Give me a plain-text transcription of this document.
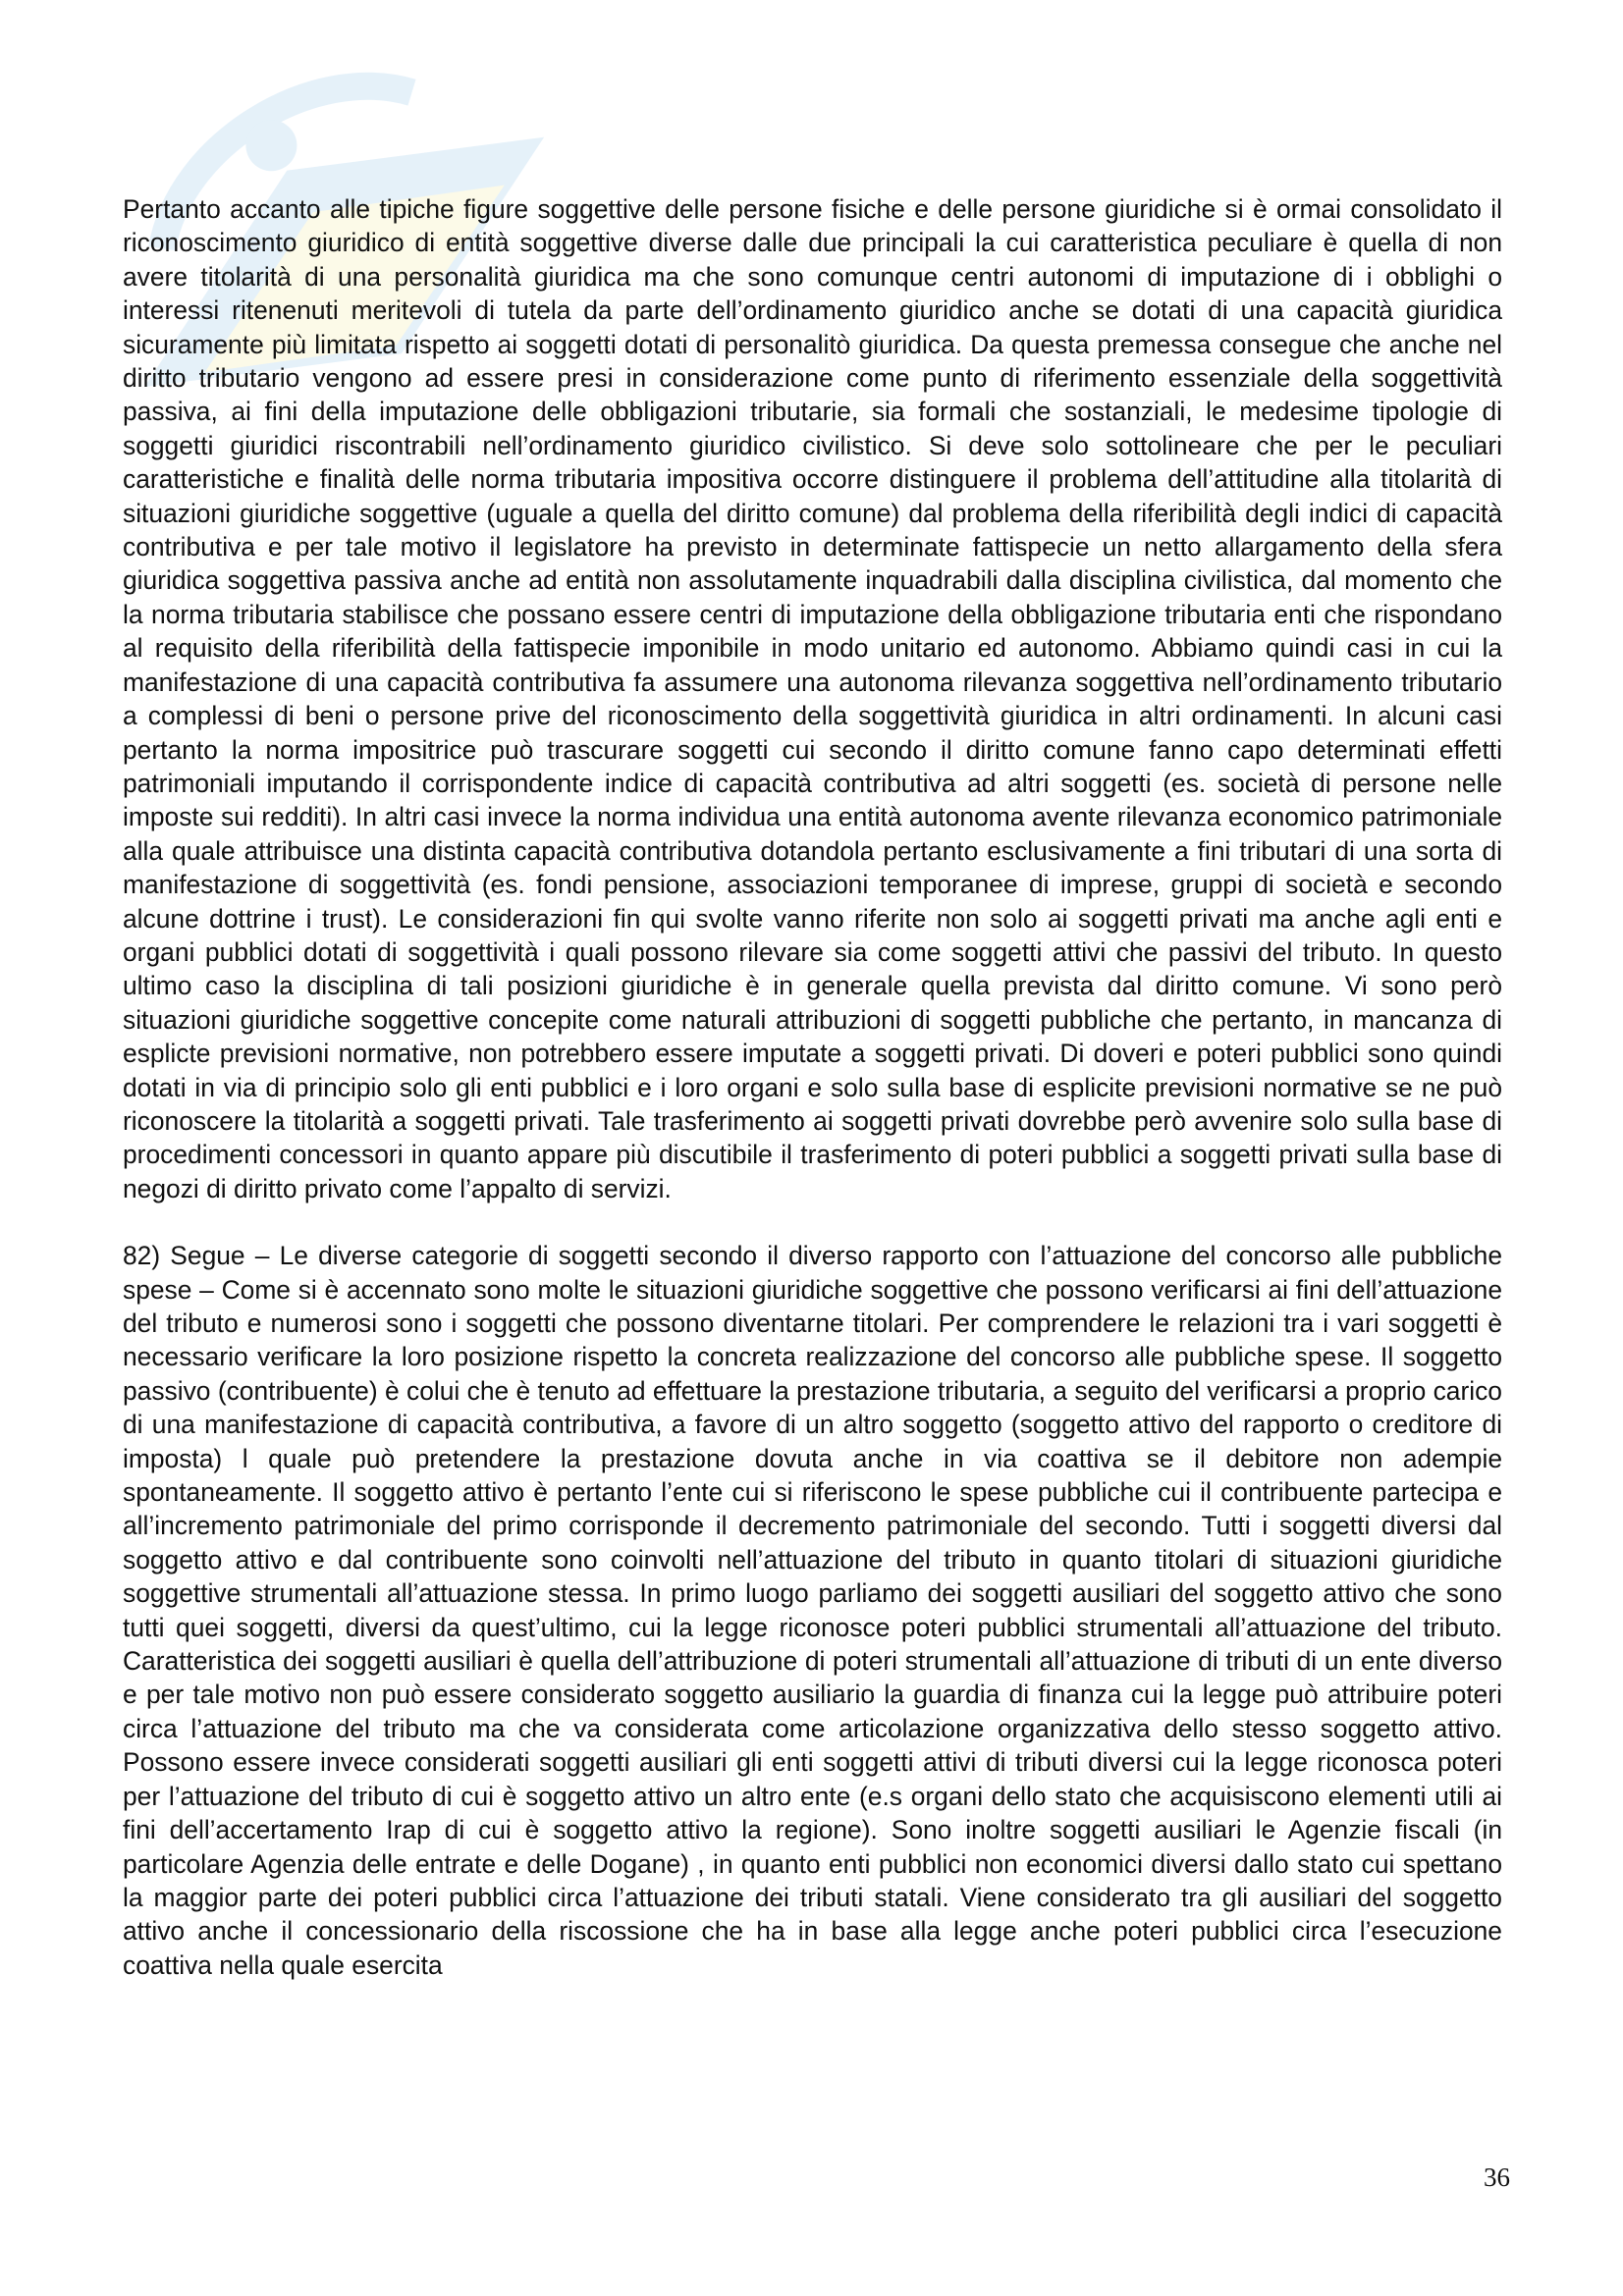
Pertanto accanto alle tipiche figure soggettive delle persone fisiche e delle persone giuridiche si è ormai consolidato il riconoscimento giuridico di entità soggettive diverse dalle due principali la cui caratteristica peculiare è quella di non avere titolarità di una personalità giuridica ma che sono comunque centri autonomi di imputazione di i obblighi o interessi ritenenuti meritevoli di tutela da parte dell’ordinamento giuridico anche se dotati di una capacità giuridica sicuramente più limitata rispetto ai soggetti dotati di personalitò giuridica. Da questa premessa consegue che anche nel diritto tributario vengono ad essere presi in considerazione come punto di riferimento essenziale della soggettività passiva, ai fini della imputazione delle obbligazioni tributarie, sia formali che sostanziali, le medesime tipologie di soggetti giuridici riscontrabili nell’ordinamento giuridico civilistico. Si deve solo sottolineare che per le peculiari caratteristiche e finalità delle norma tributaria impositiva occorre distinguere il problema dell’attitudine alla titolarità di situazioni giuridiche soggettive (uguale a quella del diritto comune) dal problema della riferibilità degli indici di capacità contributiva e per tale motivo il legislatore ha previsto in determinate fattispecie un netto allargamento della sfera giuridica soggettiva passiva anche ad entità non assolutamente inquadrabili dalla disciplina civilistica, dal momento che la norma tributaria stabilisce che possano essere centri di imputazione della obbligazione tributaria enti che rispondano al requisito della riferibilità della fattispecie imponibile in modo unitario ed autonomo. Abbiamo quindi casi in cui la manifestazione di una capacità contributiva fa assumere una autonoma rilevanza soggettiva nell’ordinamento tributario a complessi di beni o persone prive del riconoscimento della soggettività giuridica in altri ordinamenti. In alcuni casi pertanto la norma impositrice può trascurare soggetti cui secondo il diritto comune fanno capo determinati effetti patrimoniali imputando il corrispondente indice di capacità contributiva ad altri soggetti (es. società di persone nelle imposte sui redditi). In altri casi invece la norma individua una entità autonoma avente rilevanza economico patrimoniale alla quale attribuisce una distinta capacità contributiva dotandola pertanto esclusivamente a fini tributari di una sorta di manifestazione di soggettività (es. fondi pensione, associazioni temporanee di imprese, gruppi di società e secondo alcune dottrine i trust). Le considerazioni fin qui svolte vanno riferite non solo ai soggetti privati ma anche agli enti e organi pubblici dotati di soggettività i quali possono rilevare sia come soggetti attivi che passivi del tributo. In questo ultimo caso la disciplina di tali posizioni giuridiche è in generale quella prevista dal diritto comune. Vi sono però situazioni giuridiche soggettive concepite come naturali attribuzioni di soggetti pubbliche che pertanto, in mancanza di esplicte previsioni normative, non potrebbero essere imputate a soggetti privati. Di doveri e poteri pubblici sono quindi dotati in via di principio solo gli enti pubblici e i loro organi e solo sulla base di esplicite previsioni normative se ne può riconoscere la titolarità a soggetti privati. Tale trasferimento ai soggetti privati dovrebbe però avvenire solo sulla base di procedimenti concessori in quanto appare più discutibile il trasferimento di poteri pubblici a soggetti privati sulla base di negozi di diritto privato come l’appalto di servizi.

82) Segue – Le diverse categorie di soggetti secondo il diverso rapporto con l’attuazione del concorso alle pubbliche spese – Come si è accennato sono molte le situazioni giuridiche soggettive che possono verificarsi ai fini dell’attuazione del tributo e numerosi sono i soggetti che possono diventarne titolari. Per comprendere le relazioni tra i vari soggetti è necessario verificare la loro posizione rispetto la concreta realizzazione del concorso alle pubbliche spese. Il soggetto passivo (contribuente) è colui che è tenuto ad effettuare la prestazione tributaria, a seguito del verificarsi a proprio carico di una manifestazione di capacità contributiva, a favore di un altro soggetto (soggetto attivo del rapporto o creditore di imposta) l quale può pretendere la prestazione dovuta anche in via coattiva se il debitore non adempie spontaneamente. Il soggetto attivo è pertanto l’ente cui si riferiscono le spese pubbliche cui il contribuente partecipa e all’incremento patrimoniale del primo corrisponde il decremento patrimoniale del secondo. Tutti i soggetti diversi dal soggetto attivo e dal contribuente sono coinvolti nell’attuazione del tributo in quanto titolari di situazioni giuridiche soggettive strumentali all’attuazione stessa. In primo luogo parliamo dei soggetti ausiliari del soggetto attivo che sono tutti quei soggetti, diversi da quest’ultimo, cui la legge riconosce poteri pubblici strumentali all’attuazione del tributo. Caratteristica dei soggetti ausiliari è quella dell’attribuzione di poteri strumentali all’attuazione di tributi di un ente diverso e per tale motivo non può essere considerato soggetto ausiliario la guardia di finanza cui la legge può attribuire poteri circa l’attuazione del tributo ma che va considerata come articolazione organizzativa dello stesso soggetto attivo. Possono essere invece considerati soggetti ausiliari gli enti soggetti attivi di tributi diversi cui la legge riconosca poteri per l’attuazione del tributo di cui è soggetto attivo un altro ente (e.s organi dello stato che acquisiscono elementi utili ai fini dell’accertamento Irap di cui è soggetto attivo la regione). Sono inoltre soggetti ausiliari le Agenzie fiscali (in particolare Agenzia delle entrate e delle Dogane) , in quanto enti pubblici non economici diversi dallo stato cui spettano la maggior parte dei poteri pubblici circa l’attuazione dei tributi statali. Viene considerato tra gli ausiliari del soggetto attivo anche il concessionario della riscossione che ha in base alla legge anche poteri pubblici circa l’esecuzione coattiva nella quale esercita

36
